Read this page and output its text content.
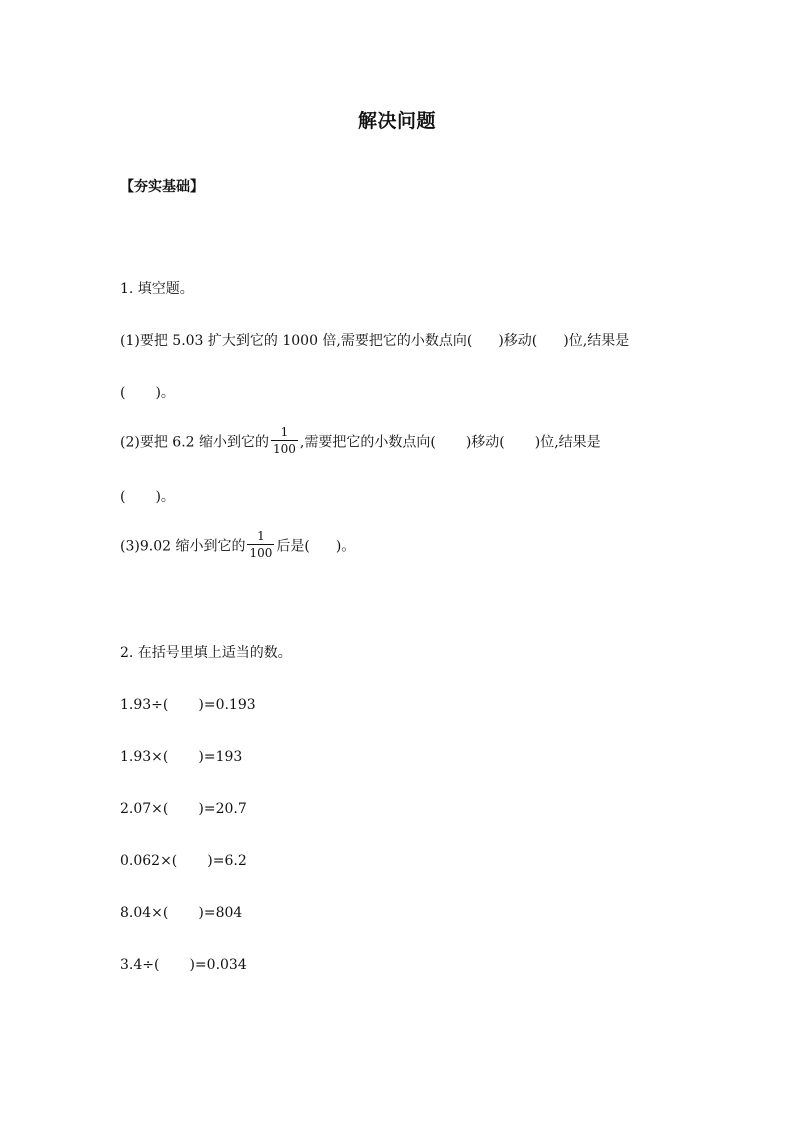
解决问题
【夯实基础】
1. 填空题。
(1)要把 5.03 扩大到它的 1000 倍,需要把它的小数点向( )移动( )位,结果是
( )。
(2)要把 6.2 缩小到它的 $\frac{1}{100}$ ,需要把它的小数点向( )移动( )位,结果是
( )。
(3)9.02 缩小到它的 $\frac{1}{100}$ 后是( )。
2. 在括号里填上适当的数。
1.93÷( )=0.193
1.93×( )=193
2.07×( )=20.7
0.062×( )=6.2
8.04×( )=804
3.4÷( )=0.034
